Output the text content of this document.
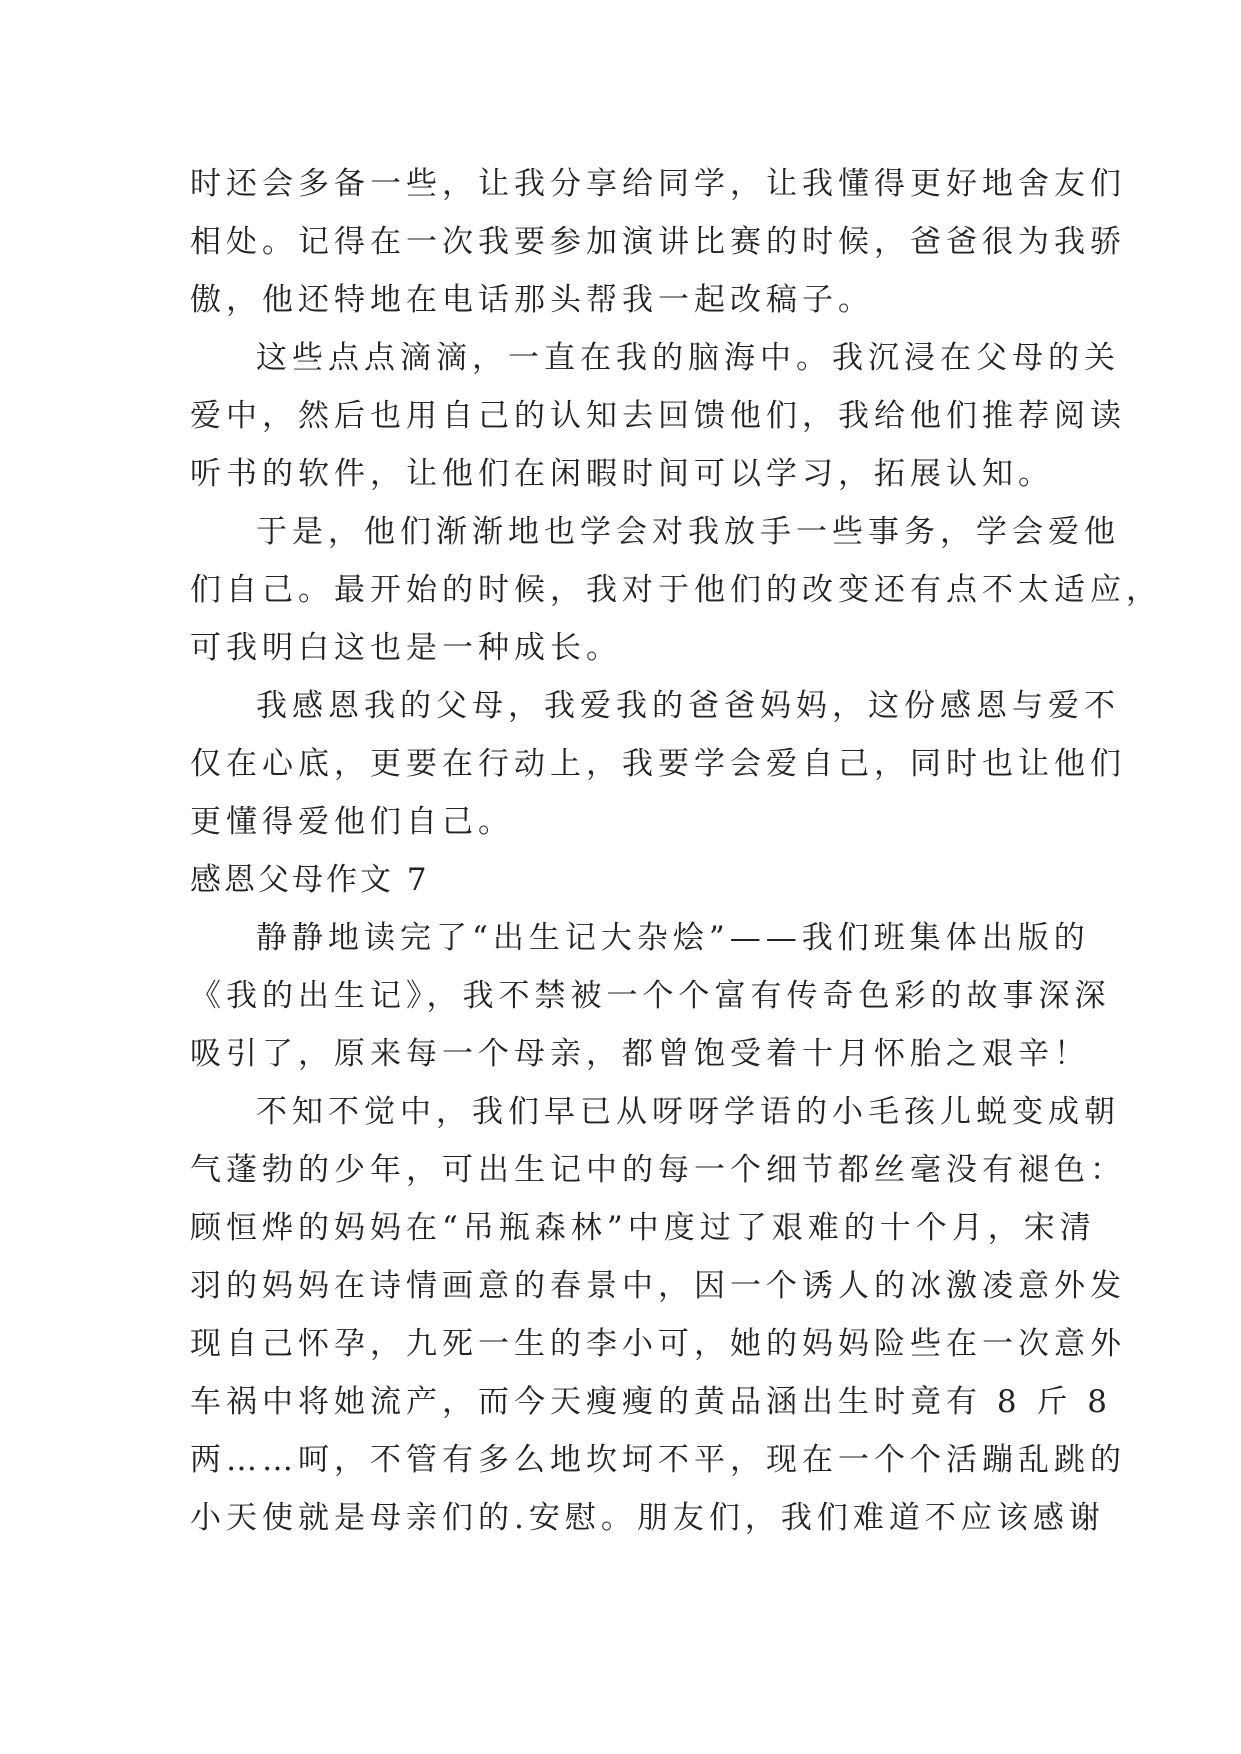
时还会多备一些，让我分享给同学，让我懂得更好地舍友们
相处。记得在一次我要参加演讲比赛的时候，爸爸很为我骄
傲，他还特地在电话那头帮我一起改稿子。
这些点点滴滴，一直在我的脑海中。我沉浸在父母的关
爱中，然后也用自己的认知去回馈他们，我给他们推荐阅读
听书的软件，让他们在闲暇时间可以学习，拓展认知。
于是，他们渐渐地也学会对我放手一些事务，学会爱他
们自己。最开始的时候，我对于他们的改变还有点不太适应，
可我明白这也是一种成长。
我感恩我的父母，我爱我的爸爸妈妈，这份感恩与爱不
仅在心底，更要在行动上，我要学会爱自己，同时也让他们
更懂得爱他们自己。
感恩父母作文 7
静静地读完了“出生记大杂烩”——我们班集体出版的
《我的出生记》，我不禁被一个个富有传奇色彩的故事深深
吸引了，原来每一个母亲，都曾饱受着十月怀胎之艰辛！
不知不觉中，我们早已从呀呀学语的小毛孩儿蜕变成朝
气蓬勃的少年，可出生记中的每一个细节都丝毫没有褪色：
顾恒烨的妈妈在“吊瓶森林”中度过了艰难的十个月，宋清
羽的妈妈在诗情画意的春景中，因一个诱人的冰激凌意外发
现自己怀孕，九死一生的李小可，她的妈妈险些在一次意外
车祸中将她流产，而今天瘦瘦的黄品涵出生时竟有 8 斤 8
两……呵，不管有多么地坎坷不平，现在一个个活蹦乱跳的
小天使就是母亲们的.安慰。朋友们，我们难道不应该感谢
